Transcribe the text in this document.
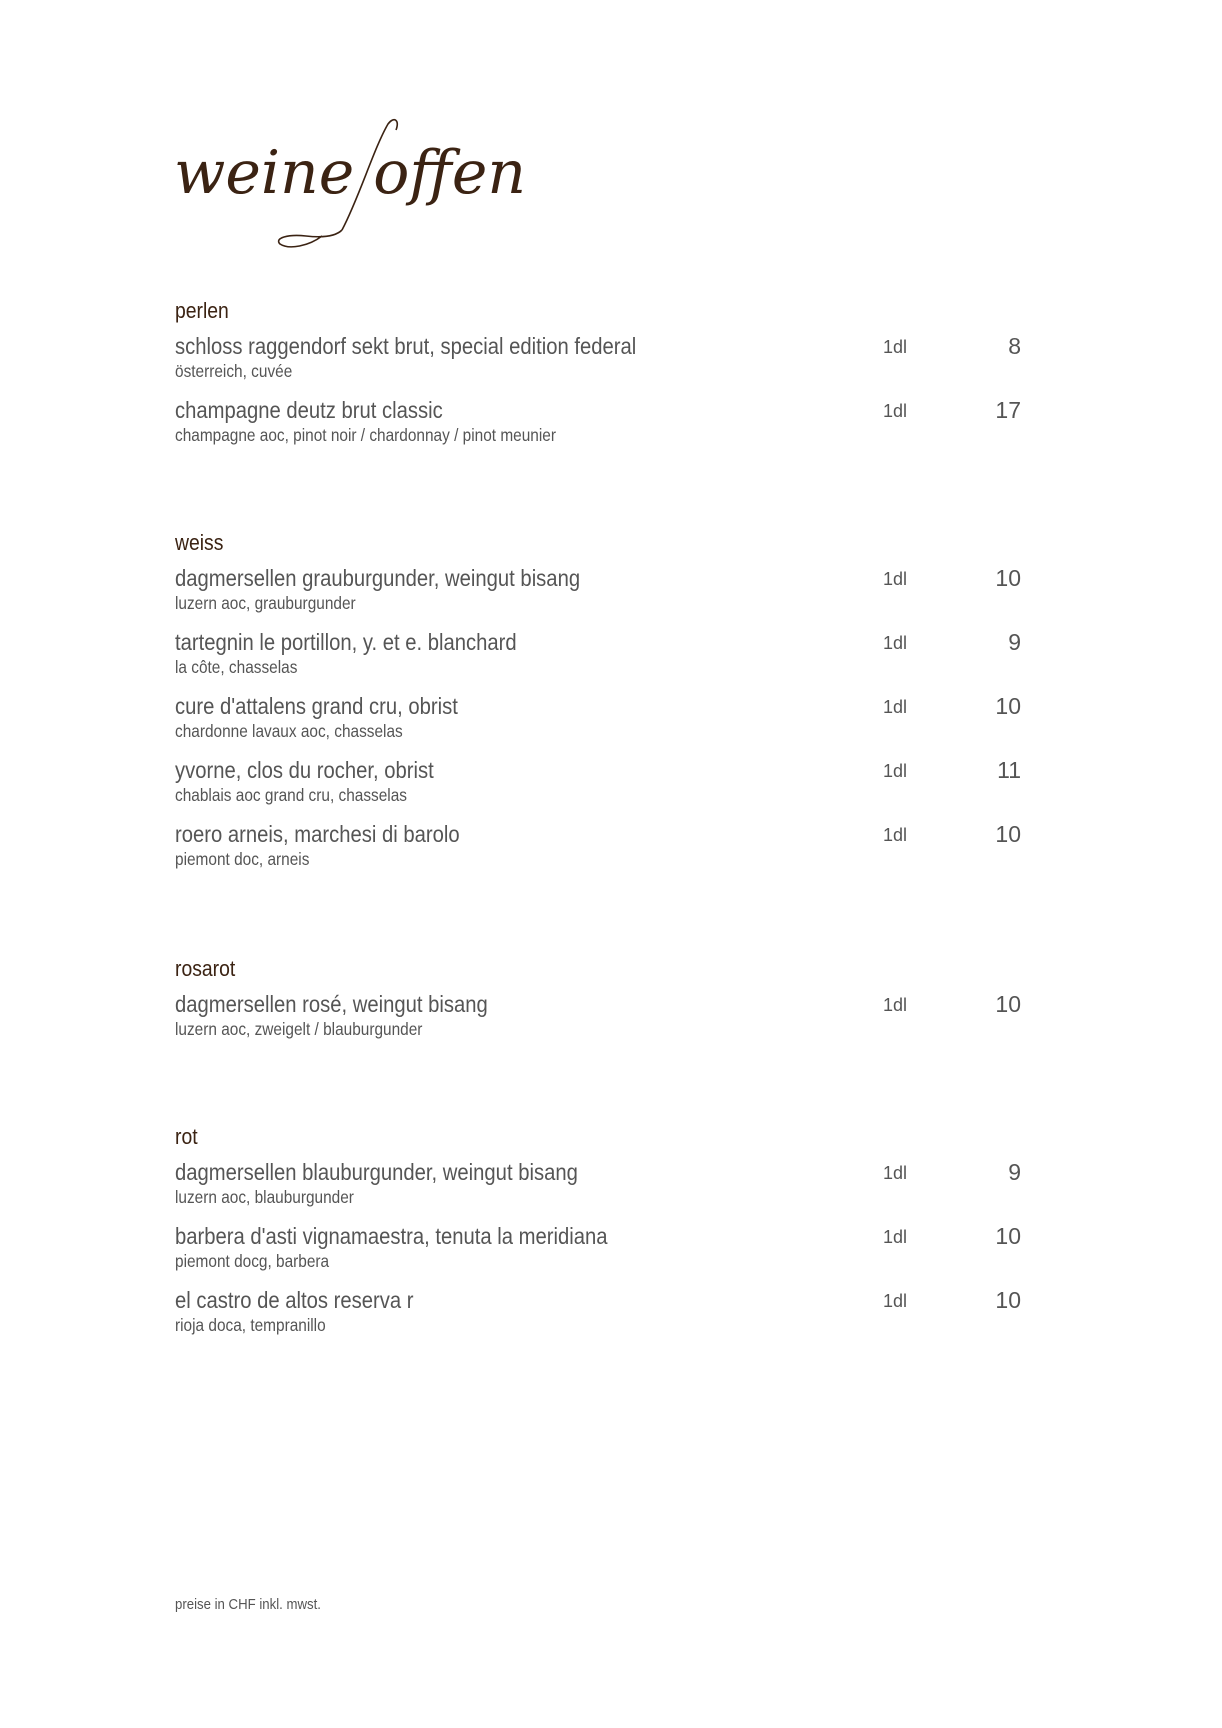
weine offen
perlen
schloss raggendorf sekt brut, special edition federal
österreich, cuvée
1dl	8
champagne deutz brut classic
champagne aoc, pinot noir / chardonnay / pinot meunier
1dl	17
weiss
dagmersellen grauburgunder, weingut bisang
luzern aoc, grauburgunder
1dl	10
tartegnin le portillon, y. et e. blanchard
la côte, chasselas
1dl	9
cure d'attalens grand cru, obrist
chardonne lavaux aoc, chasselas
1dl	10
yvorne, clos du rocher, obrist
chablais aoc grand cru, chasselas
1dl	11
roero arneis, marchesi di barolo
piemont doc, arneis
1dl	10
rosarot
dagmersellen rosé, weingut bisang
luzern aoc, zweigelt / blauburgunder
1dl	10
rot
dagmersellen blauburgunder, weingut bisang
luzern aoc, blauburgunder
1dl	9
barbera d'asti vignamaestra, tenuta la meridiana
piemont docg, barbera
1dl	10
el castro de altos reserva r
rioja doca, tempranillo
1dl	10
preise in CHF inkl. mwst.
